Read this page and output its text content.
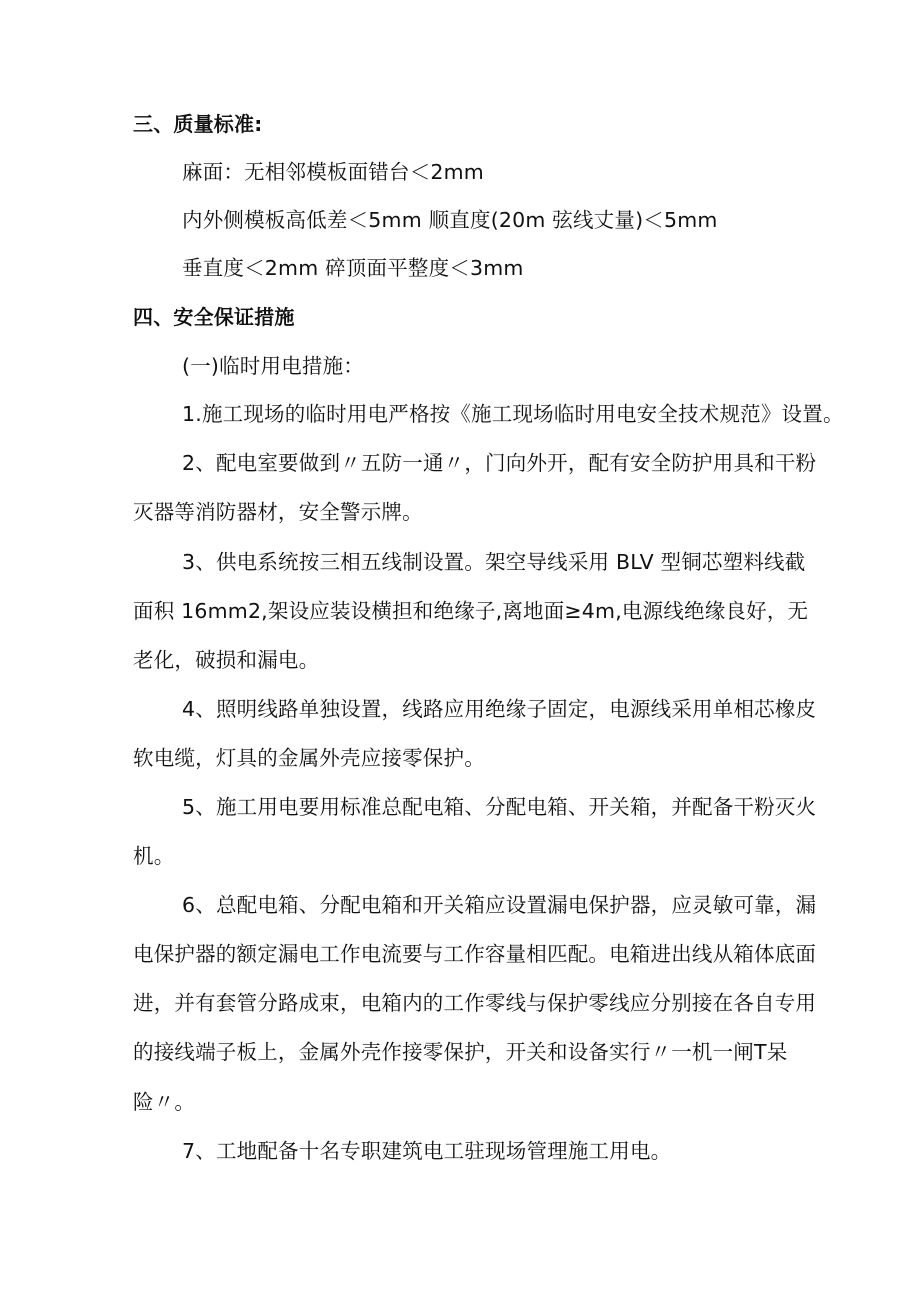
三、质量标准:
麻面：无相邻模板面错台＜2mm
内外侧模板高低差＜5mm 顺直度(20m 弦线丈量)＜5mm
垂直度＜2mm 碎顶面平整度＜3mm
四、安全保证措施
(一)临时用电措施：
1.施工现场的临时用电严格按《施工现场临时用电安全技术规范》设置。
2、配电室要做到〃五防一通〃，门向外开，配有安全防护用具和干粉
灭器等消防器材，安全警示牌。
3、供电系统按三相五线制设置。架空导线采用 BLV 型铜芯塑料线截
面积 16mm2,架设应装设横担和绝缘子,离地面≥4m,电源线绝缘良好，无
老化，破损和漏电。
4、照明线路单独设置，线路应用绝缘子固定，电源线采用单相芯橡皮
软电缆，灯具的金属外壳应接零保护。
5、施工用电要用标准总配电箱、分配电箱、开关箱，并配备干粉灭火
机。
6、总配电箱、分配电箱和开关箱应设置漏电保护器，应灵敏可靠，漏
电保护器的额定漏电工作电流要与工作容量相匹配。电箱进出线从箱体底面
进，并有套管分路成束，电箱内的工作零线与保护零线应分别接在各自专用
的接线端子板上，金属外壳作接零保护，开关和设备实行〃一机一闸T呆
险〃。
7、工地配备十名专职建筑电工驻现场管理施工用电。
